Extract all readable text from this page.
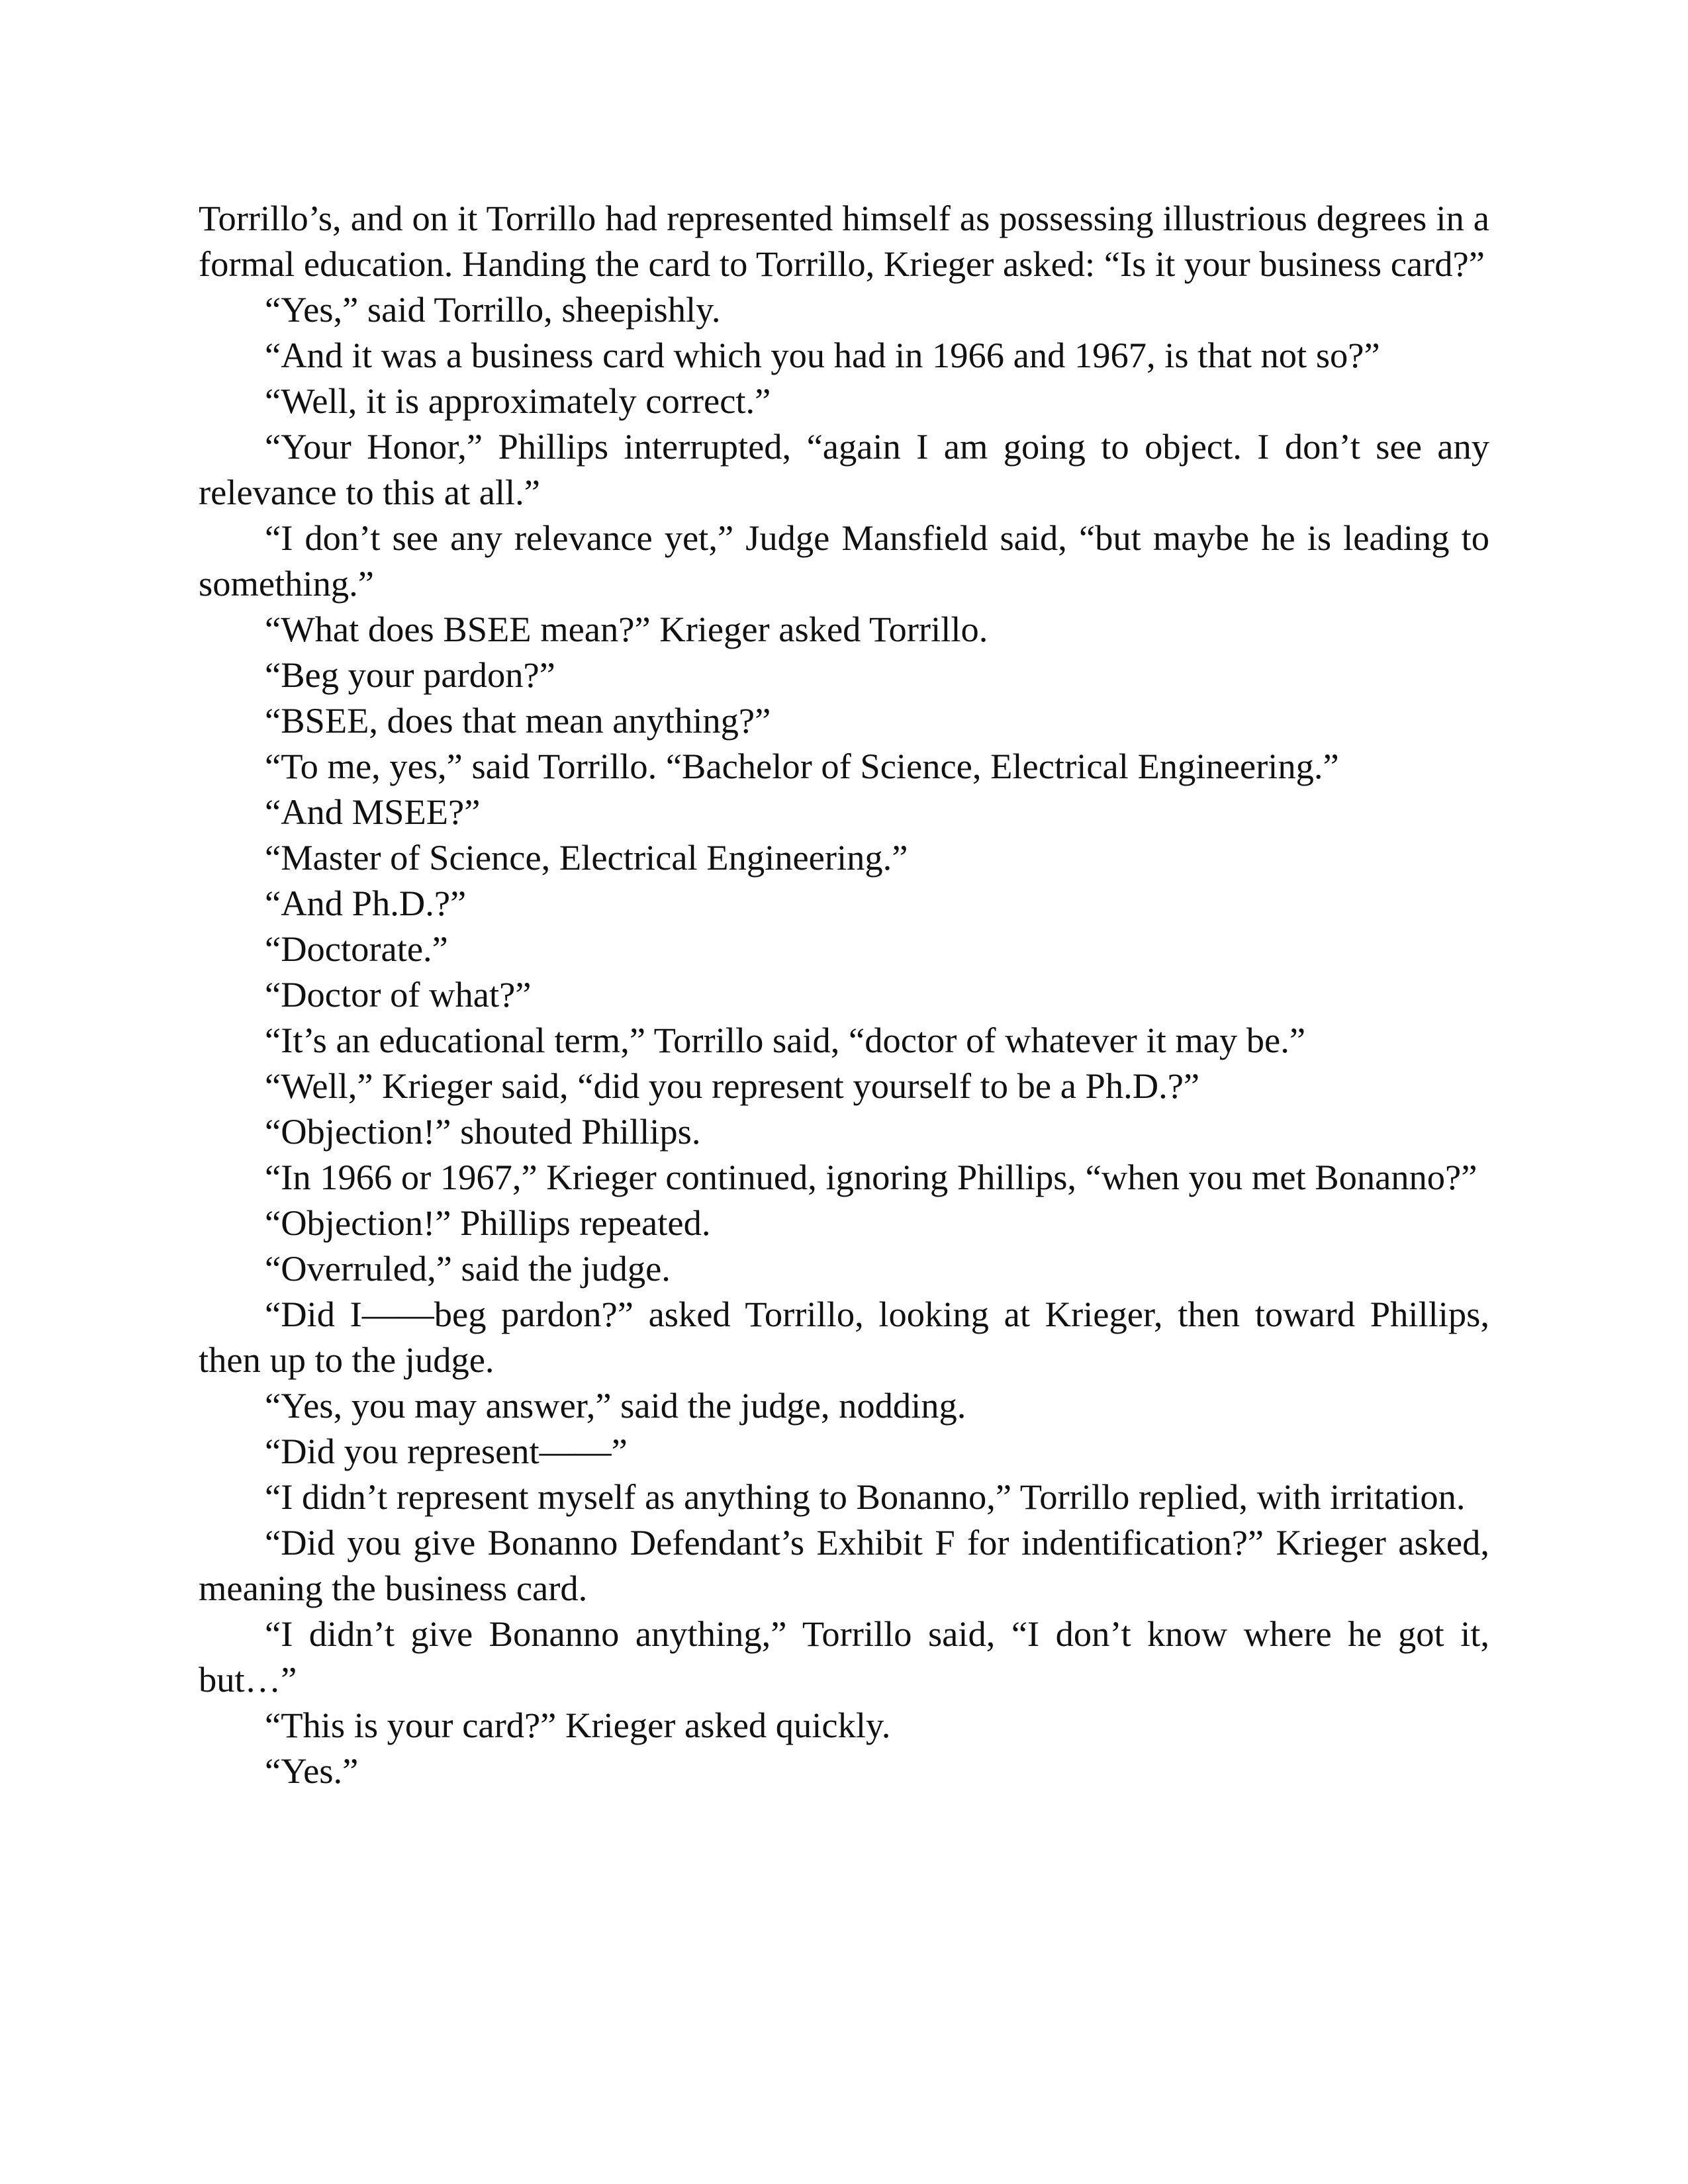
Torrillo’s, and on it Torrillo had represented himself as possessing illustrious degrees in a formal education. Handing the card to Torrillo, Krieger asked: “Is it your business card?”

“Yes,” said Torrillo, sheepishly.

“And it was a business card which you had in 1966 and 1967, is that not so?”

“Well, it is approximately correct.”

“Your Honor,” Phillips interrupted, “again I am going to object. I don’t see any relevance to this at all.”

“I don’t see any relevance yet,” Judge Mansfield said, “but maybe he is leading to something.”

“What does BSEE mean?” Krieger asked Torrillo.

“Beg your pardon?”

“BSEE, does that mean anything?”

“To me, yes,” said Torrillo. “Bachelor of Science, Electrical Engineering.”

“And MSEE?”

“Master of Science, Electrical Engineering.”

“And Ph.D.?”

“Doctorate.”

“Doctor of what?”

“It’s an educational term,” Torrillo said, “doctor of whatever it may be.”

“Well,” Krieger said, “did you represent yourself to be a Ph.D.?”

“Objection!” shouted Phillips.

“In 1966 or 1967,” Krieger continued, ignoring Phillips, “when you met Bonanno?”

“Objection!” Phillips repeated.

“Overruled,” said the judge.

“Did I——beg pardon?” asked Torrillo, looking at Krieger, then toward Phillips, then up to the judge.

“Yes, you may answer,” said the judge, nodding.

“Did you represent——”

“I didn’t represent myself as anything to Bonanno,” Torrillo replied, with irritation.

“Did you give Bonanno Defendant’s Exhibit F for indentification?” Krieger asked, meaning the business card.

“I didn’t give Bonanno anything,” Torrillo said, “I don’t know where he got it, but…”

“This is your card?” Krieger asked quickly.

“Yes.”
